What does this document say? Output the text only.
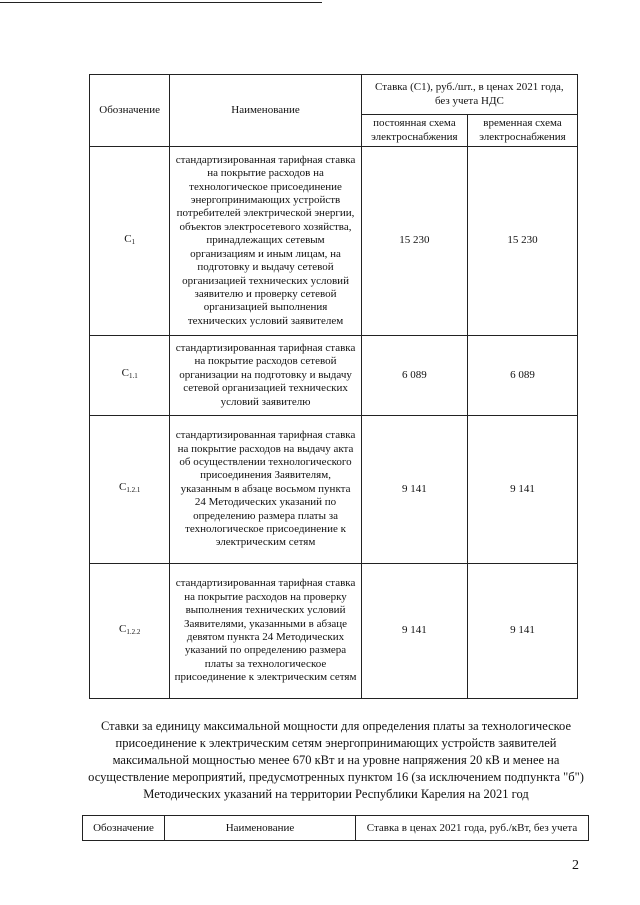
Обозначение	Наименование	Ставка (С1), руб./шт., в ценах 2021 года, без учета НДС	
		постоянная схема электроснабжения	временная схема электроснабжения
$C_1$	стандартизированная тарифная ставка на покрытие расходов на технологическое присоединение энергопринимающих устройств потребителей электрической энергии, объектов электросетевого хозяйства, принадлежащих сетевым организациям и иным лицам, на подготовку и выдачу сетевой организацией технических условий заявителю и проверку сетевой организацией выполнения технических условий заявителем	15 230	15 230
$C_{1.1}$	стандартизированная тарифная ставка на покрытие расходов сетевой организации на подготовку и выдачу сетевой организацией технических условий заявителю	6 089	6 089
$C_{1.2.1}$	стандартизированная тарифная ставка на покрытие расходов на выдачу акта об осуществлении технологического присоединения Заявителям, указанным в абзаце восьмом пункта 24 Методических указаний по определению размера платы за технологическое присоединение к электрическим сетям	9 141	9 141
$C_{1.2.2}$	стандартизированная тарифная ставка на покрытие расходов на проверку выполнения технических условий Заявителями, указанными в абзаце девятом пункта 24 Методических указаний по определению размера платы за технологическое присоединение к электрическим сетям	9 141	9 141
Ставки за единицу максимальной мощности для определения платы за технологическое присоединение к электрическим сетям энергопринимающих устройств заявителей максимальной мощностью менее 670 кВт и на уровне напряжения 20 кВ и менее на осуществление мероприятий, предусмотренных пунктом 16 (за исключением подпункта "б") Методических указаний на территории Республики Карелия на 2021 год
Обозначение	Наименование	Ставка в ценах 2021 года, руб./кВт, без учета
2
